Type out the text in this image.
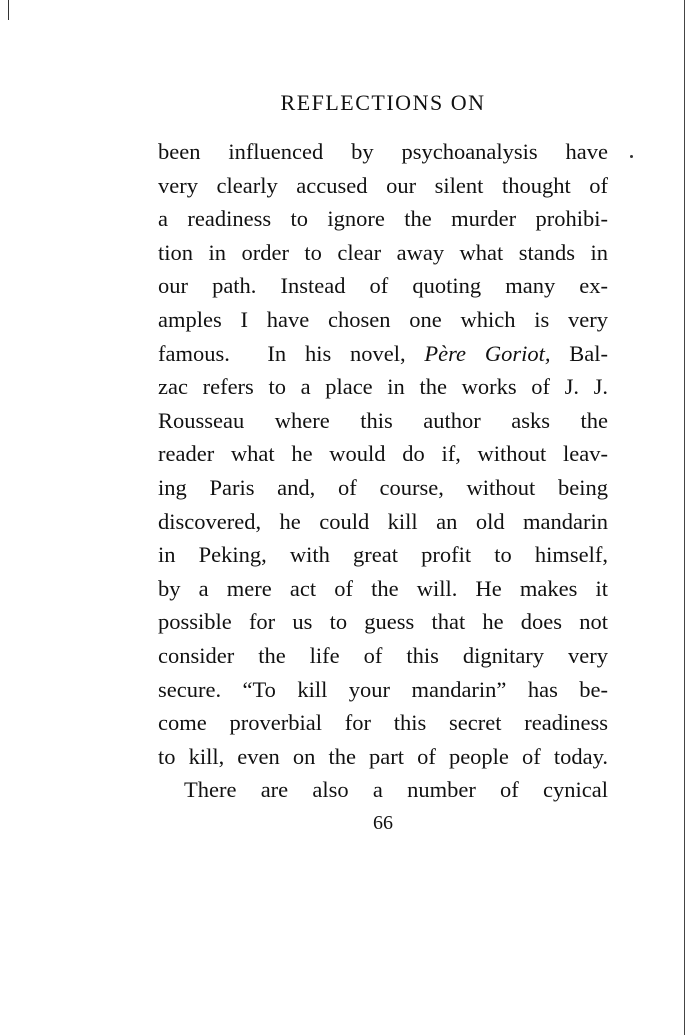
REFLECTIONS ON
been influenced by psychoanalysis have
very clearly accused our silent thought of
a readiness to ignore the murder prohibi-
tion in order to clear away what stands in
our path. Instead of quoting many ex-
amples I have chosen one which is very
famous.  In his novel, Père Goriot, Bal-
zac refers to a place in the works of J. J.
Rousseau where this author asks the
reader what he would do if, without leav-
ing Paris and, of course, without being
discovered, he could kill an old mandarin
in Peking, with great profit to himself,
by a mere act of the will. He makes it
possible for us to guess that he does not
consider the life of this dignitary very
secure. “To kill your mandarin” has be-
come proverbial for this secret readiness
to kill, even on the part of people of today.
There are also a number of cynical
66
